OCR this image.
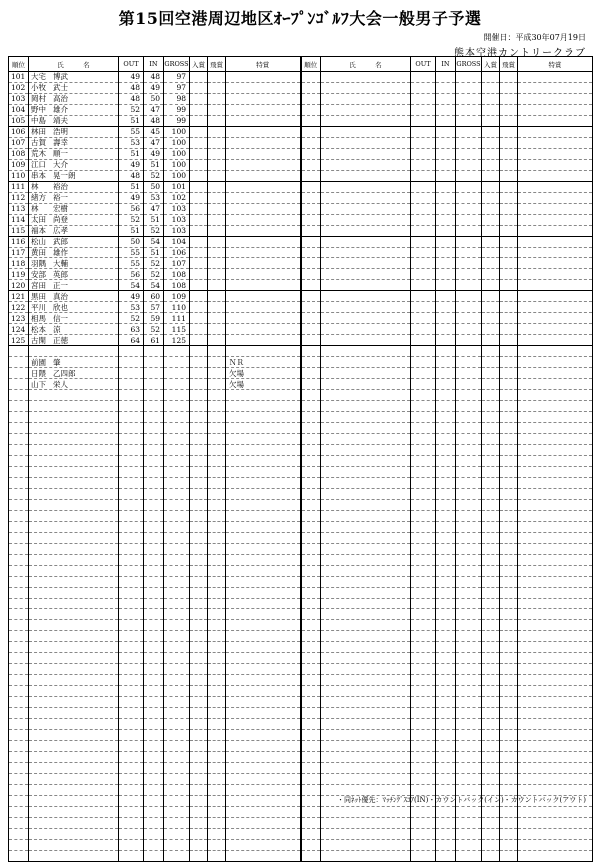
第15回空港周辺地区ｵｰﾌﾟﾝｺﾞﾙﾌ大会一般男子予選
開催日：平成30年07月19日
熊本空港カントリークラブ
順位	氏　　　名	OUT	IN	GROSS	入賞	飛賞	特賞	順位	氏　　　名	OUT	IN	GROSS	入賞	飛賞	特賞
101	大宅 博武	49	48	97											
102	小牧 武士	48	49	97											
103	岡村 高治	48	50	98											
104	野中 雄介	52	47	99											
105	中島 靖夫	51	48	99											
106	林田 浩明	55	45	100											
107	古賀 壽幸	53	47	100											
108	荒木 順一	51	49	100											
109	江口 大介	49	51	100											
110	串本 晃一朗	48	52	100											
111	林 裕治	51	50	101											
112	緒方 裕一	49	53	102											
113	林 宏樹	56	47	103											
114	太田 尚登	52	51	103											
115	福本 広孝	51	52	103											
116	松山 武郎	50	54	104											
117	黄田 雄作	55	51	106											
118	羽隅 大輔	55	52	107											
119	安部 英郎	56	52	108											
120	宮田 正一	54	54	108											
121	黒田 真治	49	60	109											
122	平川 欣也	53	57	110											
123	相馬 信一	52	59	111											
124	松本 涼	63	52	115											
125	古閑 正徳	64	61	125											

	前園 肇						ＮＲ								
	日隈 乙四郎						欠場								
	山下 栄人						欠場								

・同ﾈｯﾄ優先：ﾏｯﾁﾝｸﾞｽｺｱ(IN)・カウントバック(イン)・カウントバック(アウト)
